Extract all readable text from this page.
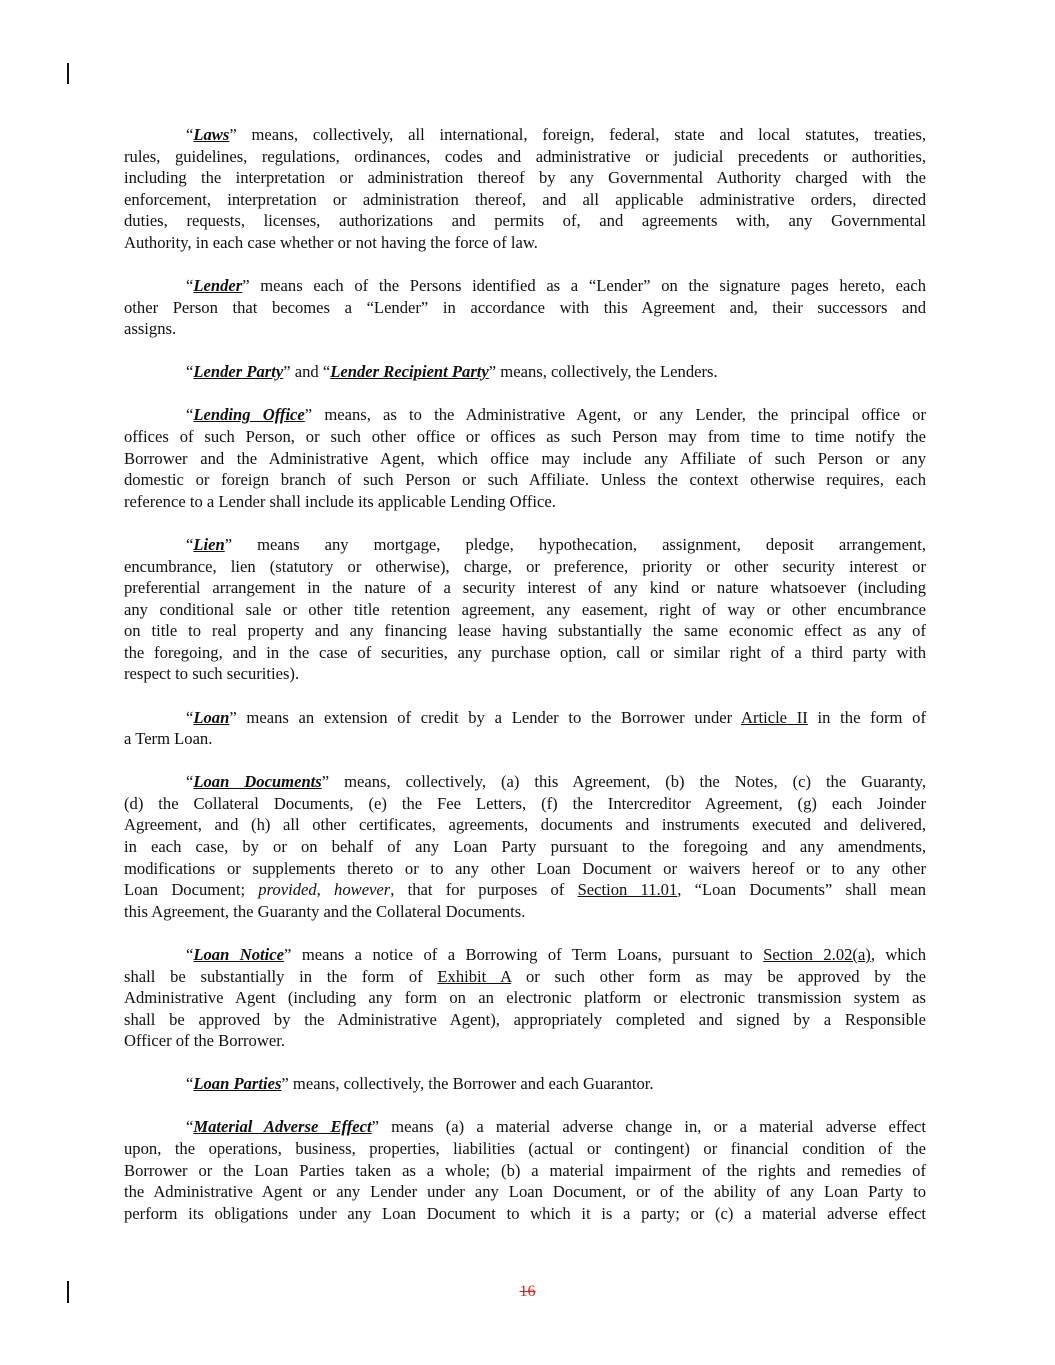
“Laws” means, collectively, all international, foreign, federal, state and local statutes, treaties,
rules, guidelines, regulations, ordinances, codes and administrative or judicial precedents or authorities,
including the interpretation or administration thereof by any Governmental Authority charged with the
enforcement, interpretation or administration thereof, and all applicable administrative orders, directed
duties, requests, licenses, authorizations and permits of, and agreements with, any Governmental
Authority, in each case whether or not having the force of law.

“Lender” means each of the Persons identified as a “Lender” on the signature pages hereto, each
other Person that becomes a “Lender” in accordance with this Agreement and, their successors and
assigns.

“Lender Party” and “Lender Recipient Party” means, collectively, the Lenders.

“Lending Office” means, as to the Administrative Agent, or any Lender, the principal office or
offices of such Person, or such other office or offices as such Person may from time to time notify the
Borrower and the Administrative Agent, which office may include any Affiliate of such Person or any
domestic or foreign branch of such Person or such Affiliate. Unless the context otherwise requires, each
reference to a Lender shall include its applicable Lending Office.

“Lien” means any mortgage, pledge, hypothecation, assignment, deposit arrangement,
encumbrance, lien (statutory or otherwise), charge, or preference, priority or other security interest or
preferential arrangement in the nature of a security interest of any kind or nature whatsoever (including
any conditional sale or other title retention agreement, any easement, right of way or other encumbrance
on title to real property and any financing lease having substantially the same economic effect as any of
the foregoing, and in the case of securities, any purchase option, call or similar right of a third party with
respect to such securities).

“Loan” means an extension of credit by a Lender to the Borrower under Article II in the form of
a Term Loan.

“Loan Documents” means, collectively, (a) this Agreement, (b) the Notes, (c) the Guaranty,
(d) the Collateral Documents, (e) the Fee Letters, (f) the Intercreditor Agreement, (g) each Joinder
Agreement, and (h) all other certificates, agreements, documents and instruments executed and delivered,
in each case, by or on behalf of any Loan Party pursuant to the foregoing and any amendments,
modifications or supplements thereto or to any other Loan Document or waivers hereof or to any other
Loan Document; provided, however, that for purposes of Section 11.01, “Loan Documents” shall mean
this Agreement, the Guaranty and the Collateral Documents.

“Loan Notice” means a notice of a Borrowing of Term Loans, pursuant to Section 2.02(a), which
shall be substantially in the form of Exhibit A or such other form as may be approved by the
Administrative Agent (including any form on an electronic platform or electronic transmission system as
shall be approved by the Administrative Agent), appropriately completed and signed by a Responsible
Officer of the Borrower.

“Loan Parties” means, collectively, the Borrower and each Guarantor.

“Material Adverse Effect” means (a) a material adverse change in, or a material adverse effect
upon, the operations, business, properties, liabilities (actual or contingent) or financial condition of the
Borrower or the Loan Parties taken as a whole; (b) a material impairment of the rights and remedies of
the Administrative Agent or any Lender under any Loan Document, or of the ability of any Loan Party to
perform its obligations under any Loan Document to which it is a party; or (c) a material adverse effect

16
